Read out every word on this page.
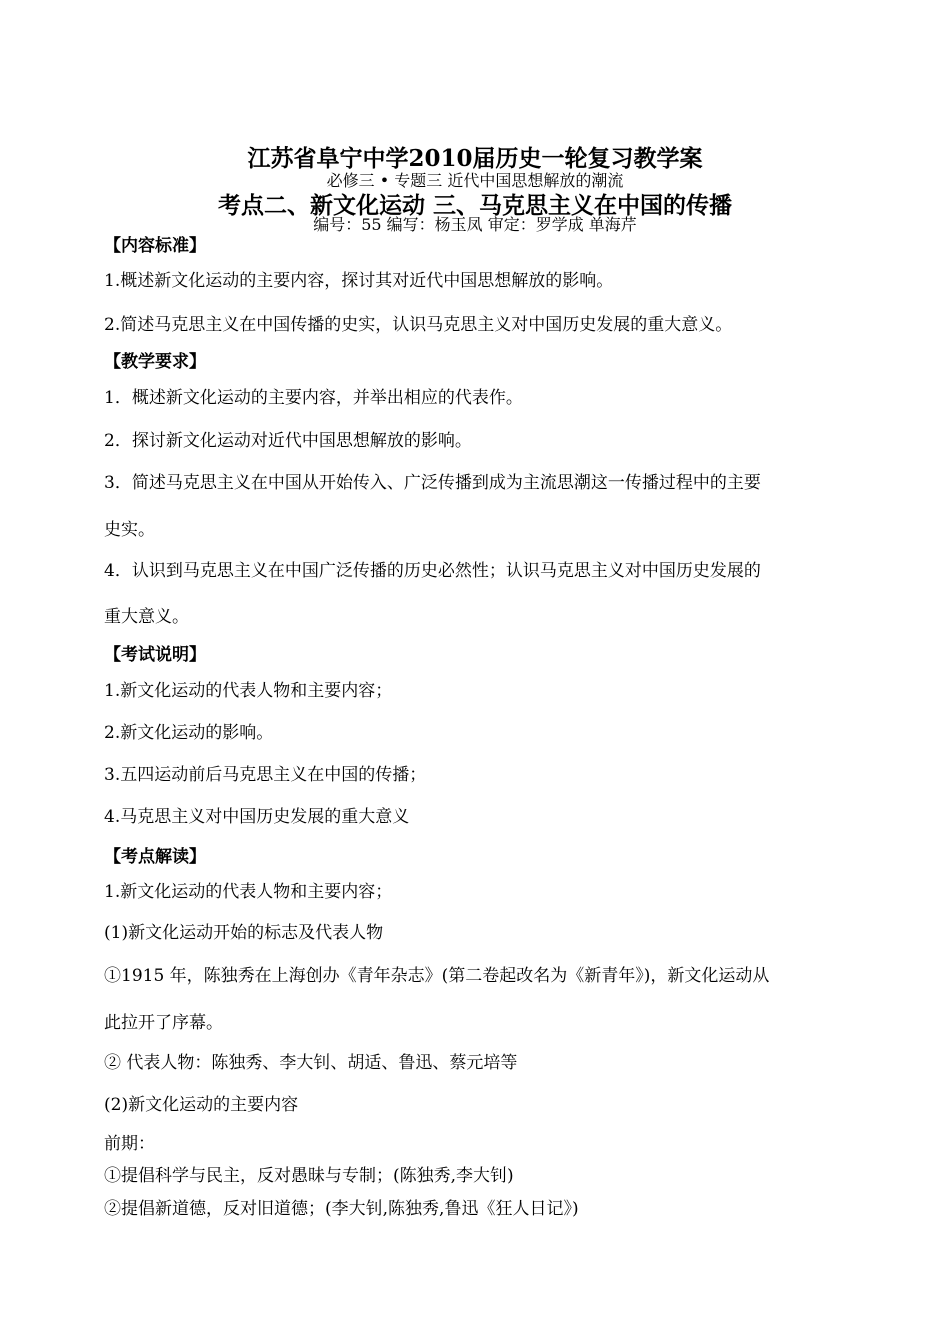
江苏省阜宁中学2010届历史一轮复习教学案
必修三 • 专题三 近代中国思想解放的潮流
考点二、新文化运动 三、马克思主义在中国的传播
编号：55 编写：杨玉凤 审定：罗学成 单海芹
【内容标准】
1.概述新文化运动的主要内容，探讨其对近代中国思想解放的影响。
2.简述马克思主义在中国传播的史实，认识马克思主义对中国历史发展的重大意义。
【教学要求】
1．概述新文化运动的主要内容，并举出相应的代表作。
2．探讨新文化运动对近代中国思想解放的影响。
3．简述马克思主义在中国从开始传入、广泛传播到成为主流思潮这一传播过程中的主要
史实。
4．认识到马克思主义在中国广泛传播的历史必然性；认识马克思主义对中国历史发展的
重大意义。
【考试说明】
1.新文化运动的代表人物和主要内容；
2.新文化运动的影响。
3.五四运动前后马克思主义在中国的传播；
4.马克思主义对中国历史发展的重大意义
【考点解读】
1.新文化运动的代表人物和主要内容；
(1)新文化运动开始的标志及代表人物
①1915 年，陈独秀在上海创办《青年杂志》(第二卷起改名为《新青年》)，新文化运动从
此拉开了序幕。
② 代表人物：陈独秀、李大钊、胡适、鲁迅、蔡元培等
(2)新文化运动的主要内容
前期：
①提倡科学与民主，反对愚昧与专制；(陈独秀,李大钊)
②提倡新道德，反对旧道德；(李大钊,陈独秀,鲁迅《狂人日记》)
